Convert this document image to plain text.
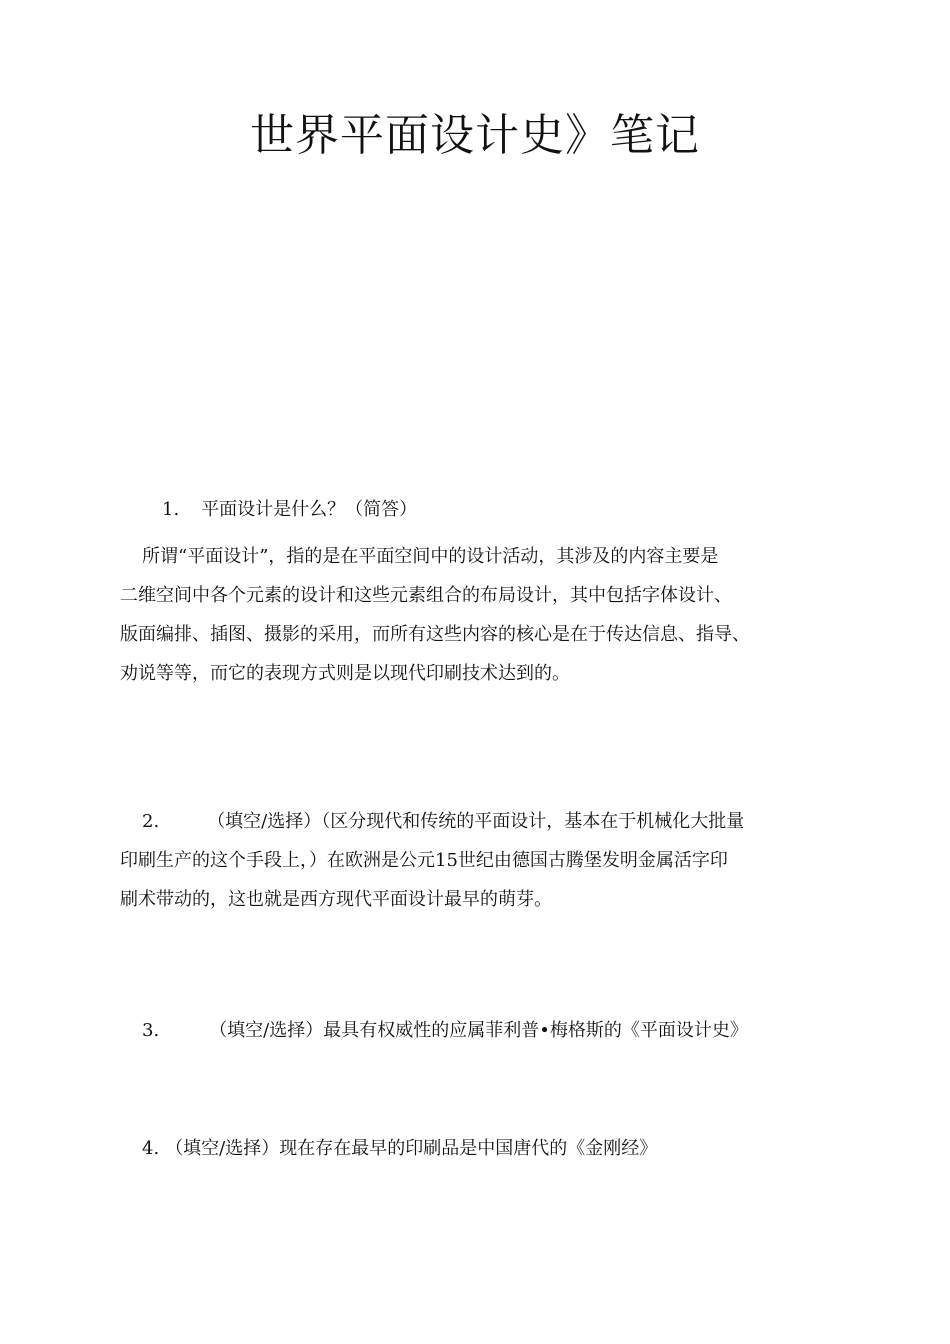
世界平面设计史》笔记
1. 平面设计是什么？（简答）
所谓“平面设计”，指的是在平面空间中的设计活动，其涉及的内容主要是
二维空间中各个元素的设计和这些元素组合的布局设计，其中包括字体设计、
版面编排、插图、摄影的采用，而所有这些内容的核心是在于传达信息、指导、
劝说等等，而它的表现方式则是以现代印刷技术达到的。
2.	（填空/选择）（区分现代和传统的平面设计，基本在于机械化大批量
印刷生产的这个手段上，）在欧洲是公元15世纪由德国古腾堡发明金属活字印
刷术带动的，这也就是西方现代平面设计最早的萌芽。
3.	（填空/选择）最具有权威性的应属菲利普•梅格斯的《平面设计史》
4. （填空/选择）现在存在最早的印刷品是中国唐代的《金刚经》
